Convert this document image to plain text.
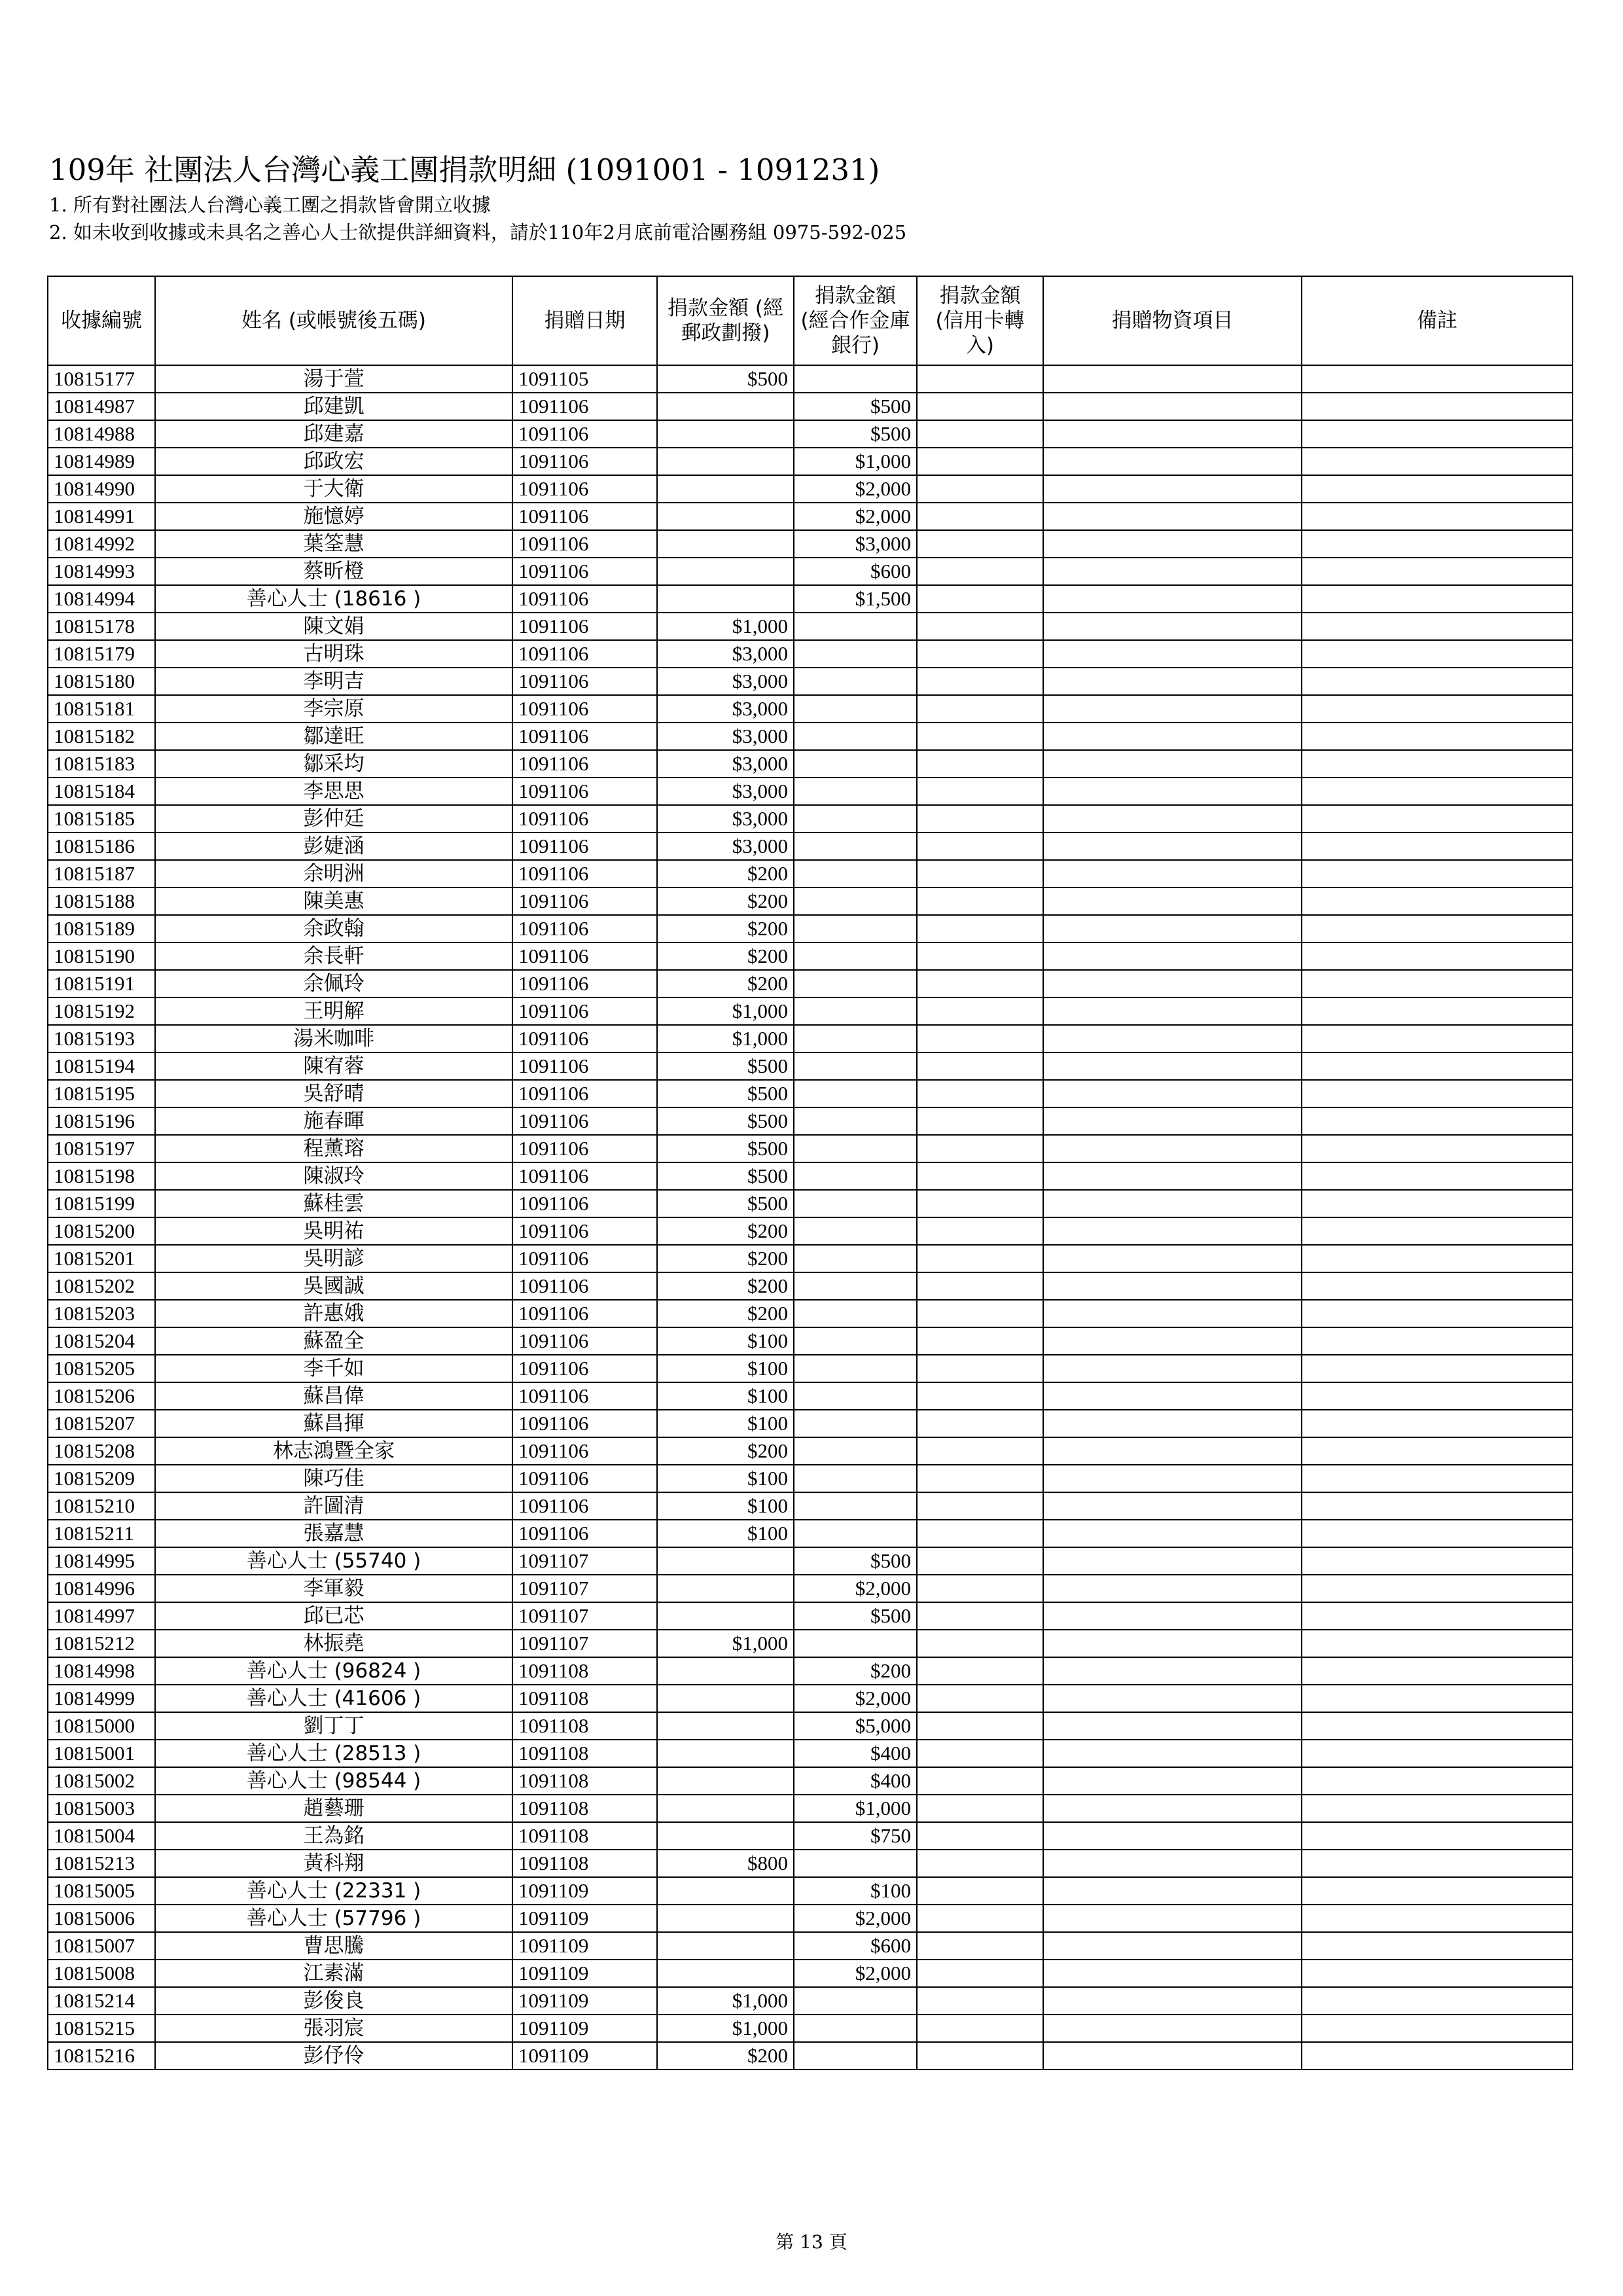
109年 社團法人台灣心義工團捐款明細 (1091001 - 1091231)
1. 所有對社團法人台灣心義工團之捐款皆會開立收據
2. 如未收到收據或未具名之善心人士欲提供詳細資料，請於110年2月底前電洽團務組 0975-592-025
收據編號	姓名 (或帳號後五碼)	捐贈日期	捐款金額 (經郵政劃撥)	捐款金額 (經合作金庫銀行)	捐款金額 (信用卡轉入)	捐贈物資項目	備註
10815177	湯于萱	1091105	$500				
10814987	邱建凱	1091106		$500			
10814988	邱建嘉	1091106		$500			
10814989	邱政宏	1091106		$1,000			
10814990	于大衛	1091106		$2,000			
10814991	施憶婷	1091106		$2,000			
10814992	葉筌慧	1091106		$3,000			
10814993	蔡昕橙	1091106		$600			
10814994	善心人士 (18616 )	1091106		$1,500			
10815178	陳文娟	1091106	$1,000				
10815179	古明珠	1091106	$3,000				
10815180	李明吉	1091106	$3,000				
10815181	李宗原	1091106	$3,000				
10815182	鄒達旺	1091106	$3,000				
10815183	鄒采均	1091106	$3,000				
10815184	李思思	1091106	$3,000				
10815185	彭仲廷	1091106	$3,000				
10815186	彭婕涵	1091106	$3,000				
10815187	余明洲	1091106	$200				
10815188	陳美惠	1091106	$200				
10815189	余政翰	1091106	$200				
10815190	余長軒	1091106	$200				
10815191	余佩玲	1091106	$200				
10815192	王明解	1091106	$1,000				
10815193	湯米咖啡	1091106	$1,000				
10815194	陳宥蓉	1091106	$500				
10815195	吳舒晴	1091106	$500				
10815196	施春暉	1091106	$500				
10815197	程薰瑢	1091106	$500				
10815198	陳淑玲	1091106	$500				
10815199	蘇桂雲	1091106	$500				
10815200	吳明祐	1091106	$200				
10815201	吳明諺	1091106	$200				
10815202	吳國誠	1091106	$200				
10815203	許惠娥	1091106	$200				
10815204	蘇盈全	1091106	$100				
10815205	李千如	1091106	$100				
10815206	蘇昌偉	1091106	$100				
10815207	蘇昌揮	1091106	$100				
10815208	林志鴻暨全家	1091106	$200				
10815209	陳巧佳	1091106	$100				
10815210	許圖清	1091106	$100				
10815211	張嘉慧	1091106	$100				
10814995	善心人士 (55740 )	1091107		$500			
10814996	李軍毅	1091107		$2,000			
10814997	邱已芯	1091107		$500			
10815212	林振堯	1091107	$1,000				
10814998	善心人士 (96824 )	1091108		$200			
10814999	善心人士 (41606 )	1091108		$2,000			
10815000	劉丁丁	1091108		$5,000			
10815001	善心人士 (28513 )	1091108		$400			
10815002	善心人士 (98544 )	1091108		$400			
10815003	趙藝珊	1091108		$1,000			
10815004	王為銘	1091108		$750			
10815213	黃科翔	1091108	$800				
10815005	善心人士 (22331 )	1091109		$100			
10815006	善心人士 (57796 )	1091109		$2,000			
10815007	曹思騰	1091109		$600			
10815008	江素滿	1091109		$2,000			
10815214	彭俊良	1091109	$1,000				
10815215	張羽宸	1091109	$1,000				
10815216	彭伃伶	1091109	$200				
第 13 頁
